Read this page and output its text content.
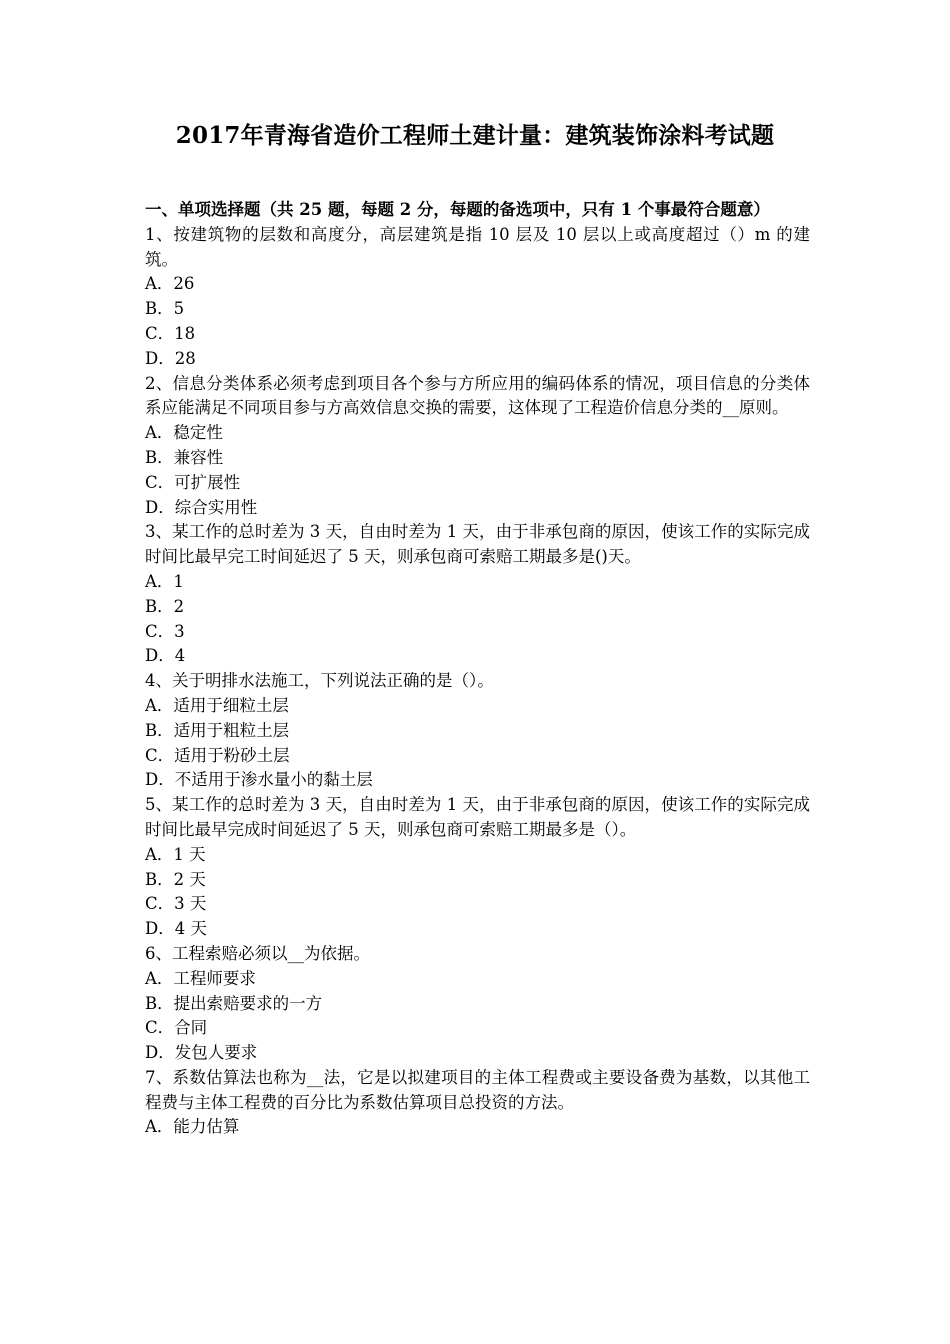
2017年青海省造价工程师土建计量：建筑装饰涂料考试题

一、单项选择题（共 25 题，每题 2 分，每题的备选项中，只有 1 个事最符合题意）

1、按建筑物的层数和高度分，高层建筑是指 10 层及 10 层以上或高度超过（）m 的建筑。

A．26

B．5

C．18

D．28

2、信息分类体系必须考虑到项目各个参与方所应用的编码体系的情况，项目信息的分类体系应能满足不同项目参与方高效信息交换的需要，这体现了工程造价信息分类的__原则。

A．稳定性

B．兼容性

C．可扩展性

D．综合实用性

3、某工作的总时差为 3 天，自由时差为 1 天，由于非承包商的原因，使该工作的实际完成时间比最早完工时间延迟了 5 天，则承包商可索赔工期最多是()天。

A．1

B．2

C．3

D．4

4、关于明排水法施工，下列说法正确的是（）。

A．适用于细粒土层

B．适用于粗粒土层

C．适用于粉砂土层

D．不适用于渗水量小的黏土层

5、某工作的总时差为 3 天，自由时差为 1 天，由于非承包商的原因，使该工作的实际完成时间比最早完成时间延迟了 5 天，则承包商可索赔工期最多是（）。

A．1 天

B．2 天

C．3 天

D．4 天

6、工程索赔必须以__为依据。

A．工程师要求

B．提出索赔要求的一方

C．合同

D．发包人要求

7、系数估算法也称为__法，它是以拟建项目的主体工程费或主要设备费为基数，以其他工程费与主体工程费的百分比为系数估算项目总投资的方法。

A．能力估算
